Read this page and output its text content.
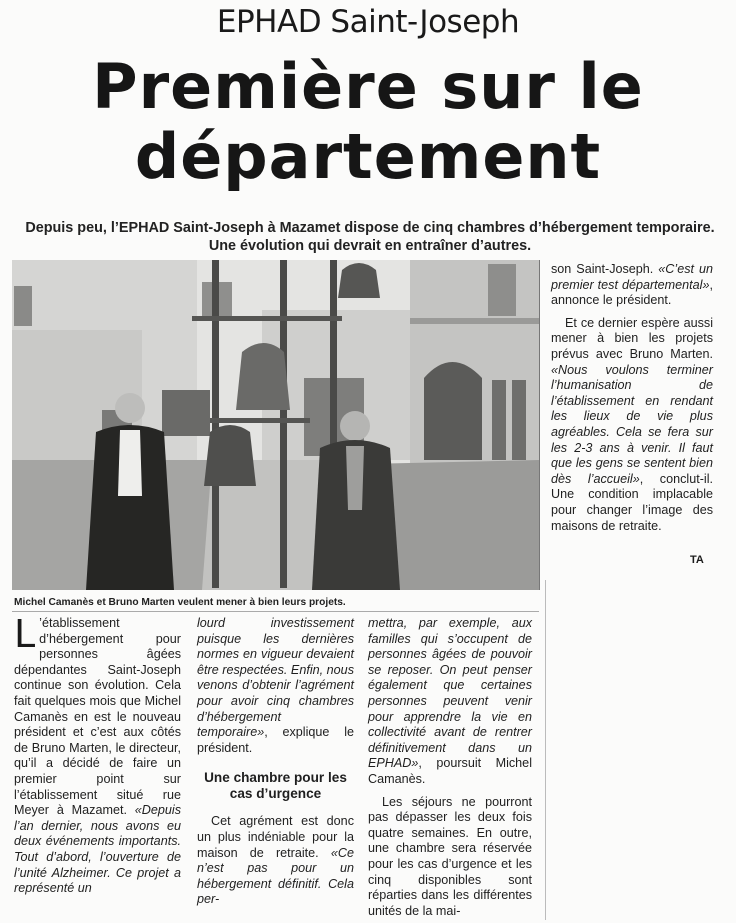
EPHAD Saint-Joseph
Première sur le
département
Depuis peu, l’EPHAD Saint-Joseph à Mazamet dispose de cinq chambres d’hébergement temporaire.
Une évolution qui devrait en entraîner d’autres.
Michel Camanès et Bruno Marten veulent mener à bien leurs projets.

son Saint-Joseph. «C’est un premier test départemental», annonce le président.

Et ce dernier espère aussi mener à bien les projets prévus avec Bruno Marten. «Nous voulons terminer l’humanisation de l’établissement en rendant les lieux de vie plus agréables. Cela se fera sur les 2-3 ans à venir. Il faut que les gens se sentent bien dès l’accueil», conclut-il. Une condition implacable pour changer l’image des maisons de retraite.

TA

L ’établissement d’hébergement pour personnes âgées dépendantes Saint-Joseph continue son évolution. Cela fait quelques mois que Michel Camanès en est le nouveau président et c’est aux côtés de Bruno Marten, le directeur, qu’il a décidé de faire un premier point sur l’établissement situé rue Meyer à Mazamet. «Depuis l’an dernier, nous avons eu deux événements importants. Tout d’abord, l’ouverture de l’unité Alzheimer. Ce projet a représenté un

lourd investissement puisque les dernières normes en vigueur devaient être respectées. Enfin, nous venons d’obtenir l’agrément pour avoir cinq chambres d’hébergement temporaire», explique le président.

Une chambre pour les cas d’urgence

Cet agrément est donc un plus indéniable pour la maison de retraite. «Ce n’est pas pour un hébergement définitif. Cela per-

mettra, par exemple, aux familles qui s’occupent de personnes âgées de pouvoir se reposer. On peut penser également que certaines personnes peuvent venir pour apprendre la vie en collectivité avant de rentrer définitivement dans un EPHAD», poursuit Michel Camanès.

Les séjours ne pourront pas dépasser les deux fois quatre semaines. En outre, une chambre sera réservée pour les cas d’urgence et les cinq disponibles sont réparties dans les différentes unités de la mai-
